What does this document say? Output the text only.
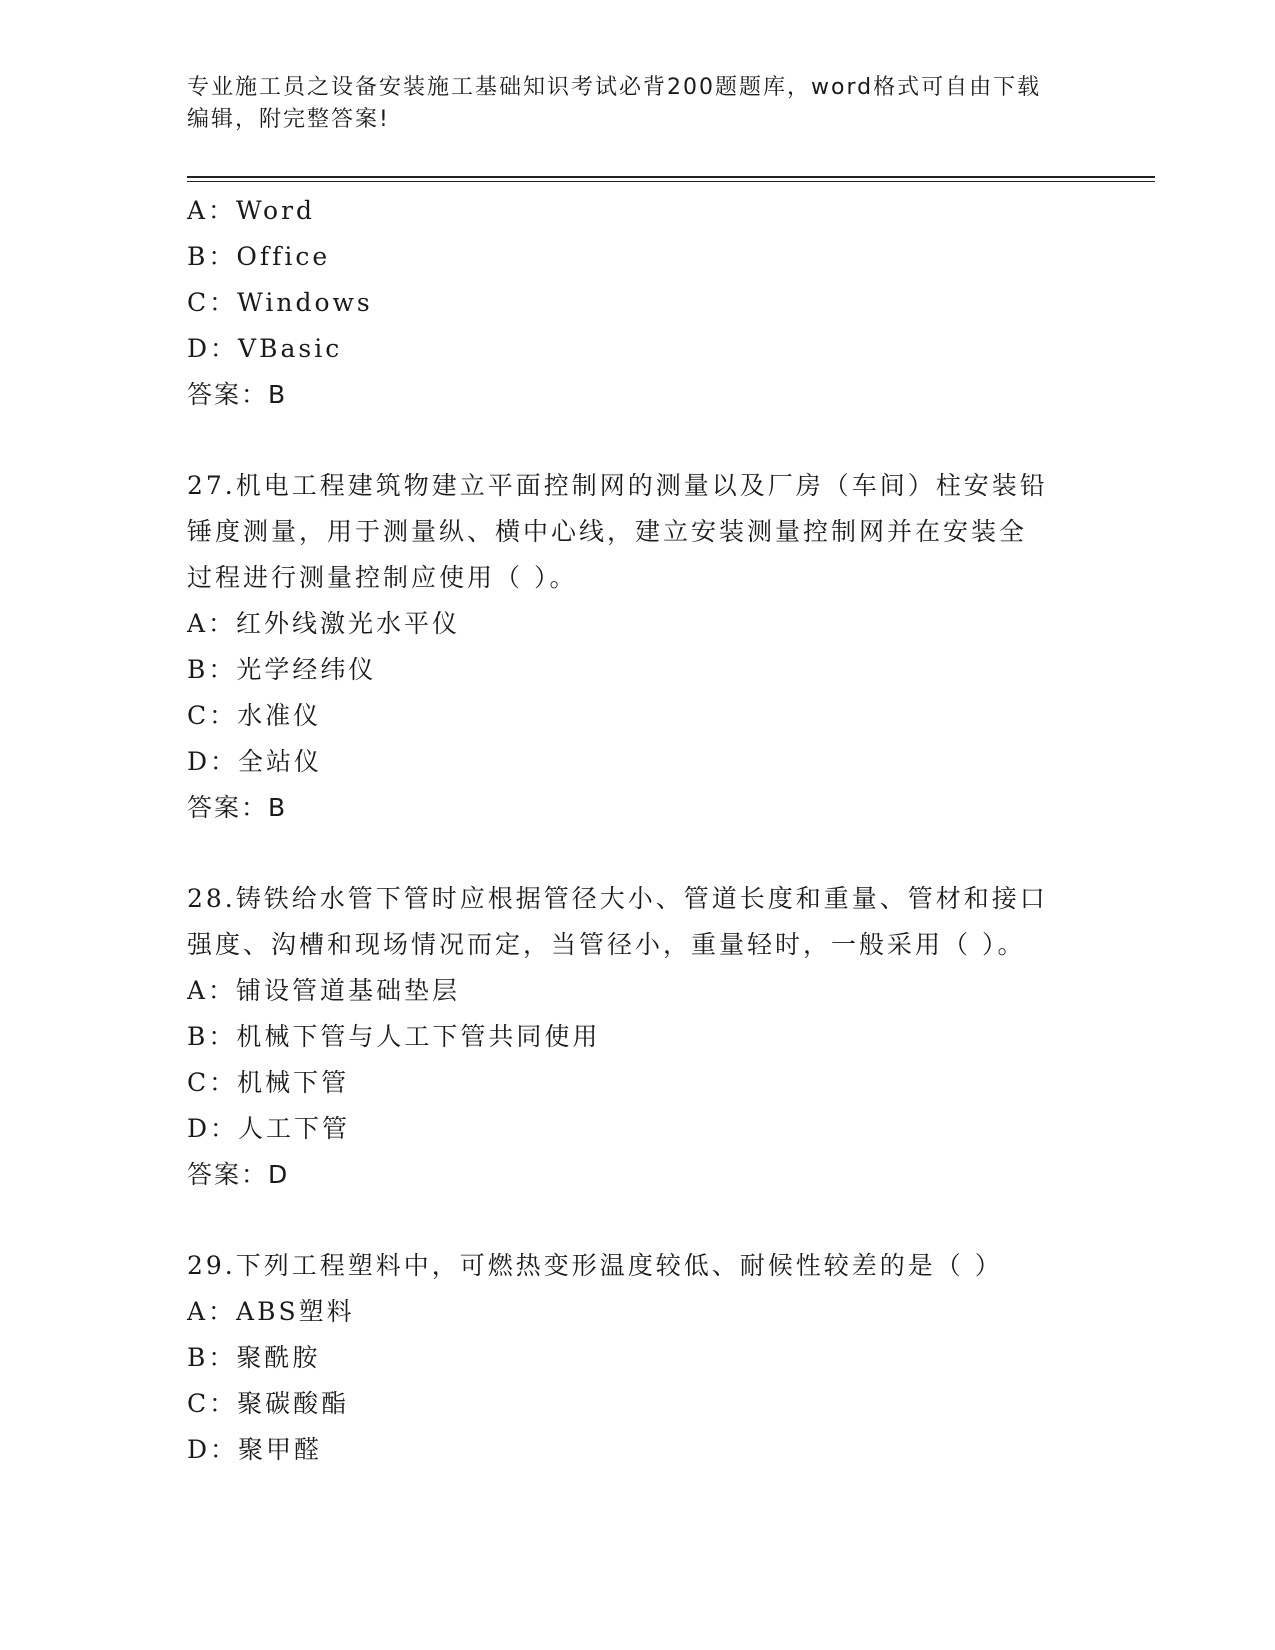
专业施工员之设备安装施工基础知识考试必背200题题库，word格式可自由下载
编辑，附完整答案!
A：Word
B：Office
C：Windows
D：VBasic
答案：B
27.机电工程建筑物建立平面控制网的测量以及厂房（车间）柱安装铅
锤度测量，用于测量纵、横中心线，建立安装测量控制网并在安装全
过程进行测量控制应使用（ ）。
A：红外线激光水平仪
B：光学经纬仪
C：水准仪
D：全站仪
答案：B
28.铸铁给水管下管时应根据管径大小、管道长度和重量、管材和接口
强度、沟槽和现场情况而定，当管径小，重量轻时，一般采用（ ）。
A：铺设管道基础垫层
B：机械下管与人工下管共同使用
C：机械下管
D：人工下管
答案：D
29.下列工程塑料中，可燃热变形温度较低、耐候性较差的是（ ）
A：ABS塑料
B：聚酰胺
C：聚碳酸酯
D：聚甲醛
